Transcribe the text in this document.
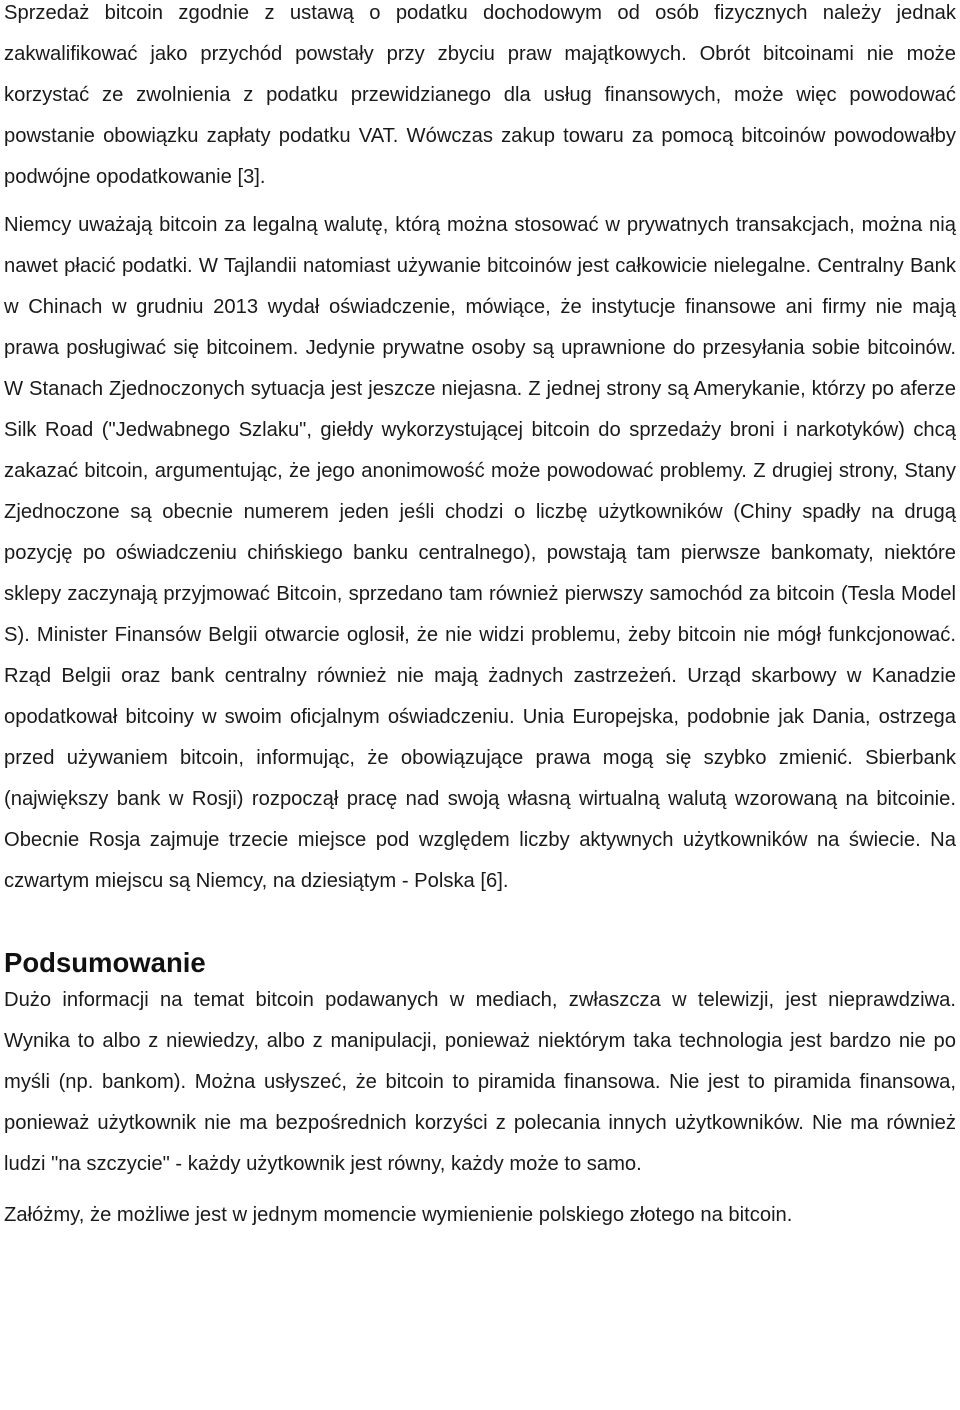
Sprzedaż bitcoin zgodnie z ustawą o podatku dochodowym od osób fizycznych należy jednak zakwalifikować jako przychód powstały przy zbyciu praw majątkowych. Obrót bitcoinami nie może korzystać ze zwolnienia z podatku przewidzianego dla usług finansowych, może więc powodować powstanie obowiązku zapłaty podatku VAT. Wówczas zakup towaru za pomocą bitcoinów powodowałby podwójne opodatkowanie [3].

Niemcy uważają bitcoin za legalną walutę, którą można stosować w prywatnych transakcjach, można nią nawet płacić podatki. W Tajlandii natomiast używanie bitcoinów jest całkowicie nielegalne. Centralny Bank w Chinach w grudniu 2013 wydał oświadczenie, mówiące, że instytucje finansowe ani firmy nie mają prawa posługiwać się bitcoinem. Jedynie prywatne osoby są uprawnione do przesyłania sobie bitcoinów. W Stanach Zjednoczonych sytuacja jest jeszcze niejasna. Z jednej strony są Amerykanie, którzy po aferze Silk Road ("Jedwabnego Szlaku", giełdy wykorzystującej bitcoin do sprzedaży broni i narkotyków) chcą zakazać bitcoin, argumentując, że jego anonimowość może powodować problemy. Z drugiej strony, Stany Zjednoczone są obecnie numerem jeden jeśli chodzi o liczbę użytkowników (Chiny spadły na drugą pozycję po oświadczeniu chińskiego banku centralnego), powstają tam pierwsze bankomaty, niektóre sklepy zaczynają przyjmować Bitcoin, sprzedano tam również pierwszy samochód za bitcoin (Tesla Model S). Minister Finansów Belgii otwarcie oglosił, że nie widzi problemu, żeby bitcoin nie mógł funkcjonować. Rząd Belgii oraz bank centralny również nie mają żadnych zastrzeżeń. Urząd skarbowy w Kanadzie opodatkował bitcoiny w swoim oficjalnym oświadczeniu. Unia Europejska, podobnie jak Dania, ostrzega przed używaniem bitcoin, informując, że obowiązujące prawa mogą się szybko zmienić. Sbierbank (największy bank w Rosji) rozpoczął pracę nad swoją własną wirtualną walutą wzorowaną na bitcoinie. Obecnie Rosja zajmuje trzecie miejsce pod względem liczby aktywnych użytkowników na świecie. Na czwartym miejscu są Niemcy, na dziesiątym - Polska [6].

Podsumowanie

Dużo informacji na temat bitcoin podawanych w mediach, zwłaszcza w telewizji, jest nieprawdziwa. Wynika to albo z niewiedzy, albo z manipulacji, ponieważ niektórym taka technologia jest bardzo nie po myśli (np. bankom). Można usłyszeć, że bitcoin to piramida finansowa. Nie jest to piramida finansowa, ponieważ użytkownik nie ma bezpośrednich korzyści z polecania innych użytkowników. Nie ma również ludzi "na szczycie" - każdy użytkownik jest równy, każdy może to samo.

Załóżmy, że możliwe jest w jednym momencie wymienienie polskiego złotego na bitcoin.
